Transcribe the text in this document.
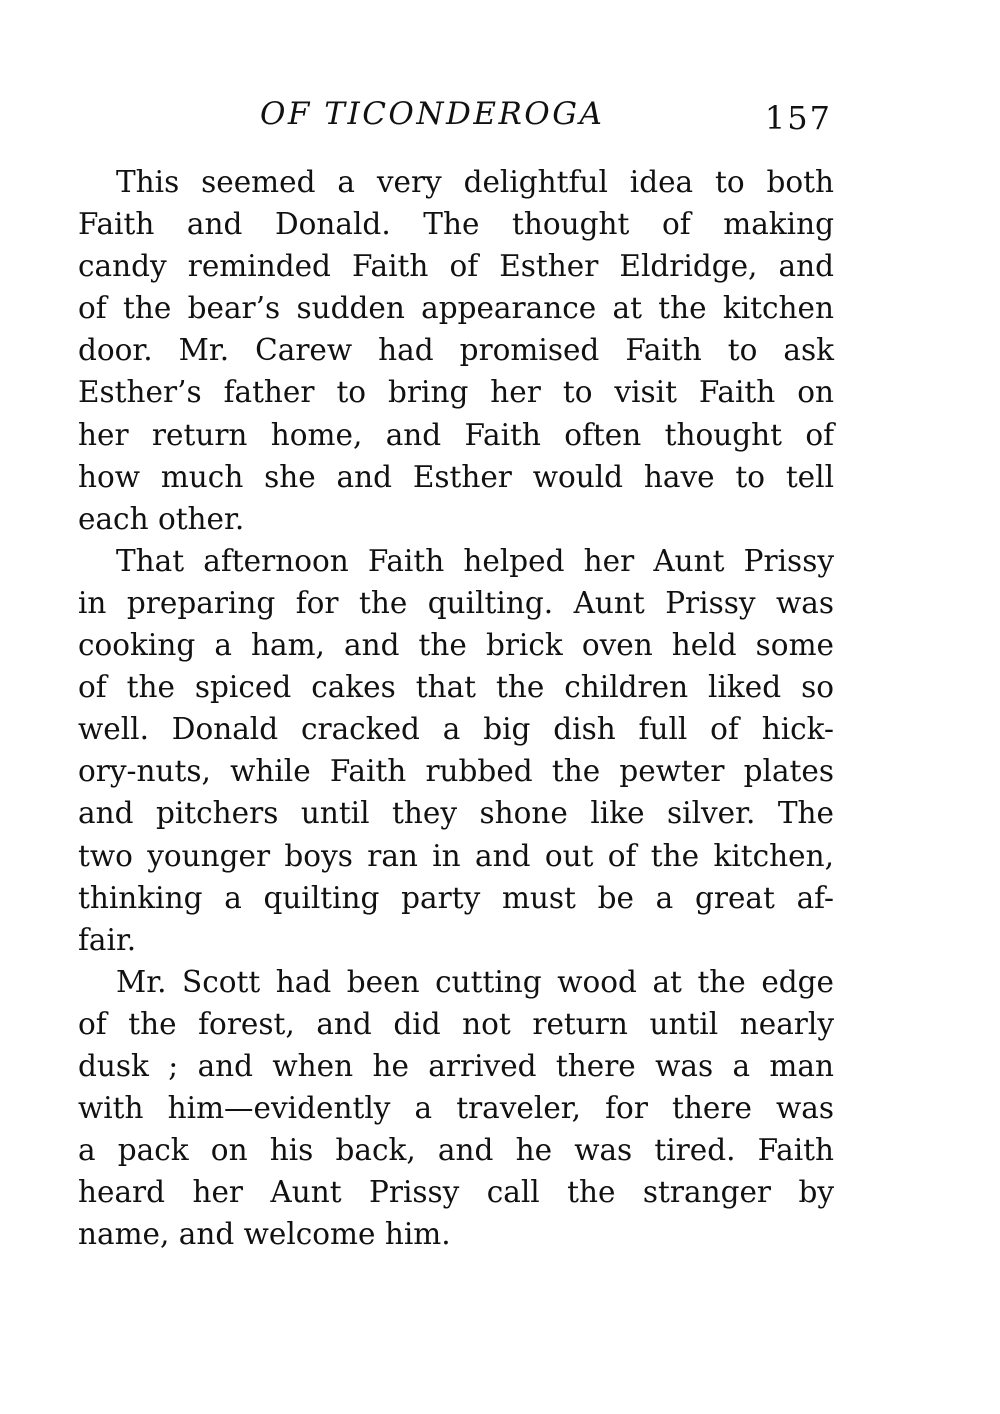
OF TICONDEROGA	157
This seemed a very delightful idea to both
Faith and Donald. The thought of making
candy reminded Faith of Esther Eldridge, and
of the bear’s sudden appearance at the kitchen
door. Mr. Carew had promised Faith to ask
Esther’s father to bring her to visit Faith on
her return home, and Faith often thought of
how much she and Esther would have to tell
each other.
That afternoon Faith helped her Aunt Prissy
in preparing for the quilting. Aunt Prissy was
cooking a ham, and the brick oven held some
of the spiced cakes that the children liked so
well. Donald cracked a big dish full of hick-
ory-nuts, while Faith rubbed the pewter plates
and pitchers until they shone like silver. The
two younger boys ran in and out of the kitchen,
thinking a quilting party must be a great af-
fair.
Mr. Scott had been cutting wood at the edge
of the forest, and did not return until nearly
dusk ; and when he arrived there was a man
with him—evidently a traveler, for there was
a pack on his back, and he was tired. Faith
heard her Aunt Prissy call the stranger by
name, and welcome him.
